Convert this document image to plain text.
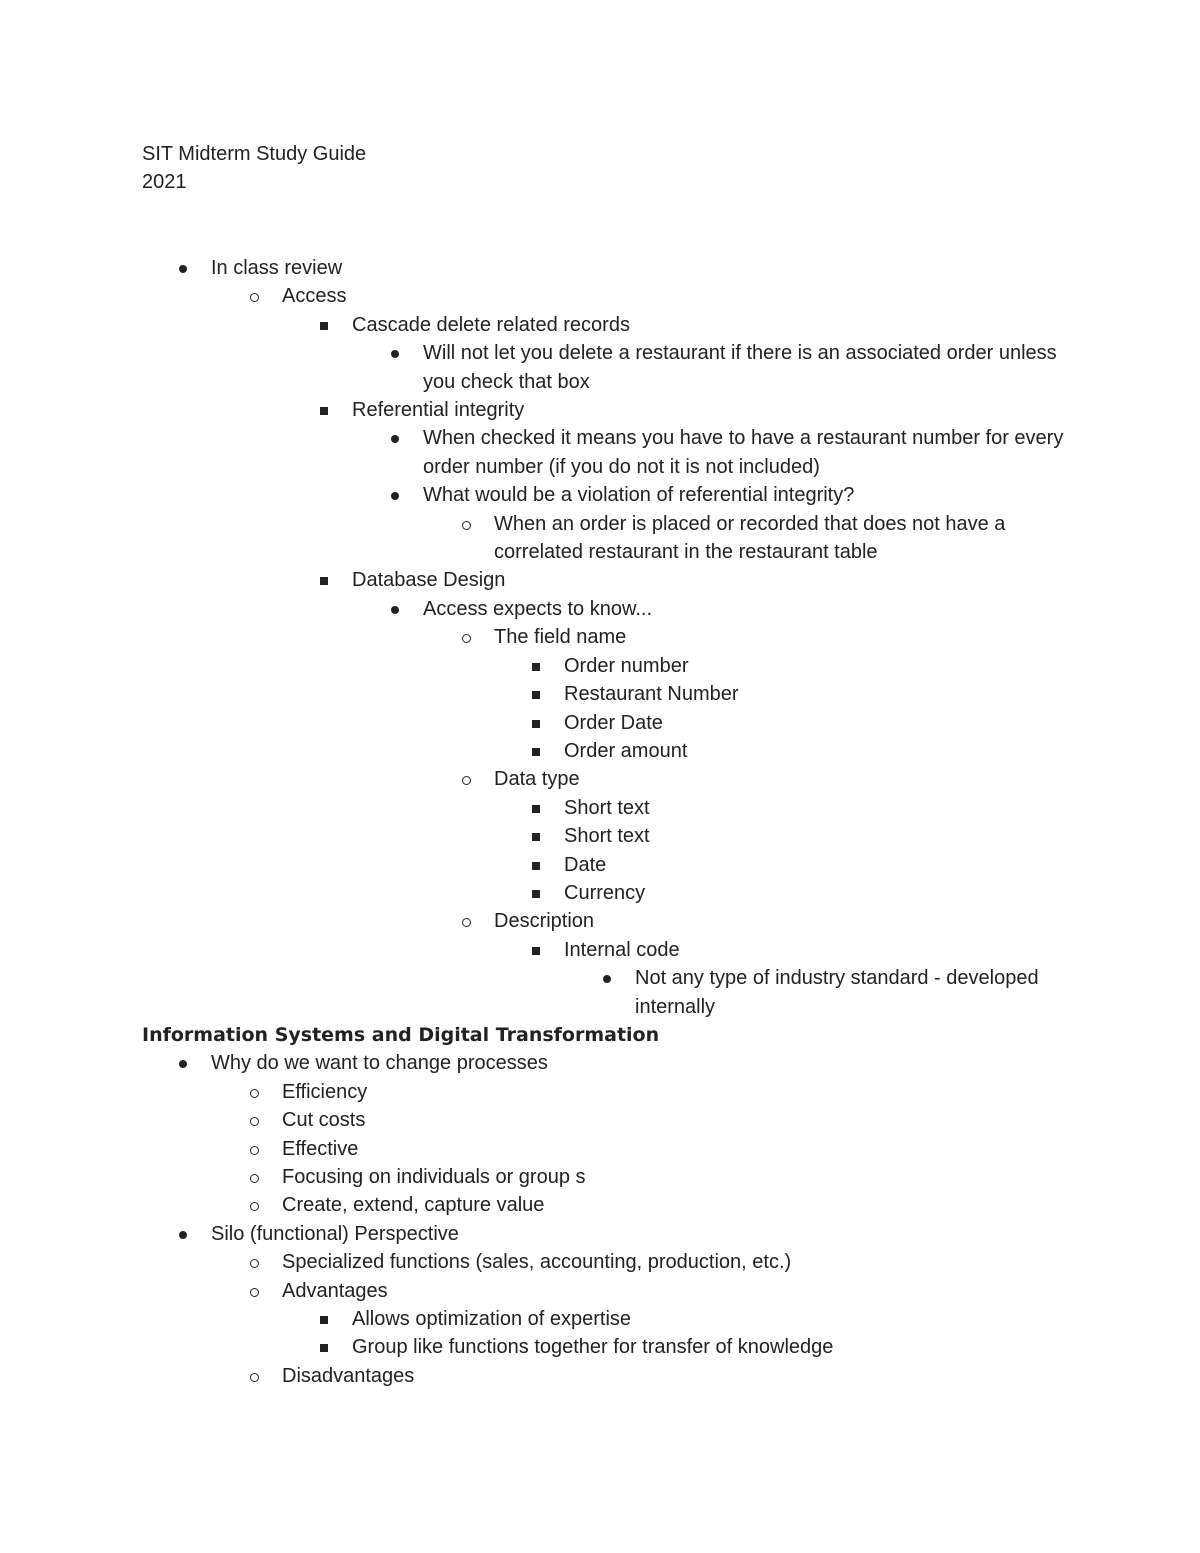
SIT Midterm Study Guide
2021
In class review
Access
Cascade delete related records
Will not let you delete a restaurant if there is an associated order unless you check that box
Referential integrity
When checked it means you have to have a restaurant number for every order number (if you do not it is not included)
What would be a violation of referential integrity?
When an order is placed or recorded that does not have a correlated restaurant in the restaurant table
Database Design
Access expects to know...
The field name
Order number
Restaurant Number
Order Date
Order amount
Data type
Short text
Short text
Date
Currency
Description
Internal code
Not any type of industry standard - developed internally
Information Systems and Digital Transformation
Why do we want to change processes
Efficiency
Cut costs
Effective
Focusing on individuals or group s
Create, extend, capture value
Silo (functional) Perspective
Specialized functions (sales, accounting, production, etc.)
Advantages
Allows optimization of expertise
Group like functions together for transfer of knowledge
Disadvantages
